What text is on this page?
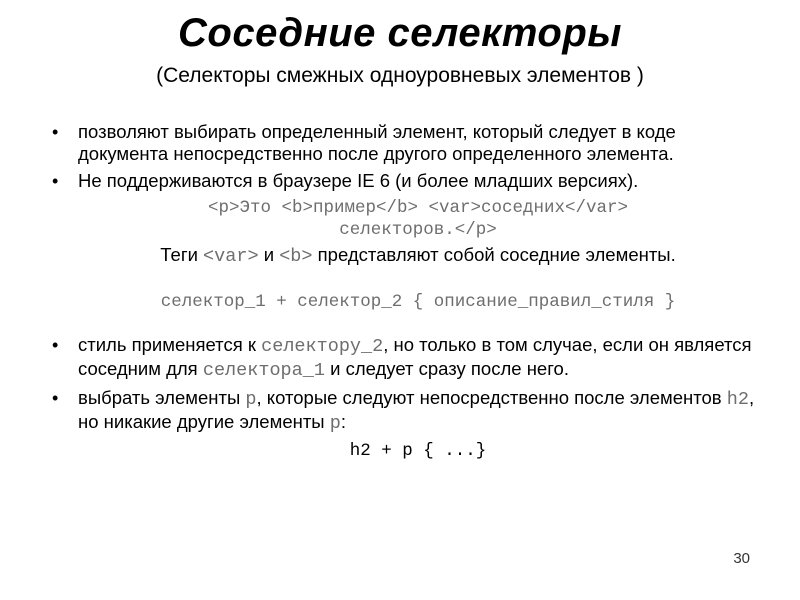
Соседние селекторы
(Селекторы смежных одноуровневых элементов )
• позволяют выбирать определенный элемент, который следует в коде документа непосредственно после другого определенного элемента.
• Не поддерживаются в браузере IE 6 (и более младших версиях).
<p>Это <b>пример</b> <var>соседних</var>
селекторов.</p>
Теги <var> и <b> представляют собой соседние элементы.
селектор_1 + селектор_2 { описание_правил_стиля }
• стиль применяется к селектору_2, но только в том случае, если он является соседним для селектора_1 и следует сразу после него.
• выбрать элементы p, которые следуют непосредственно после элементов h2, но никакие другие элементы p:
h2 + p { ...}
30
